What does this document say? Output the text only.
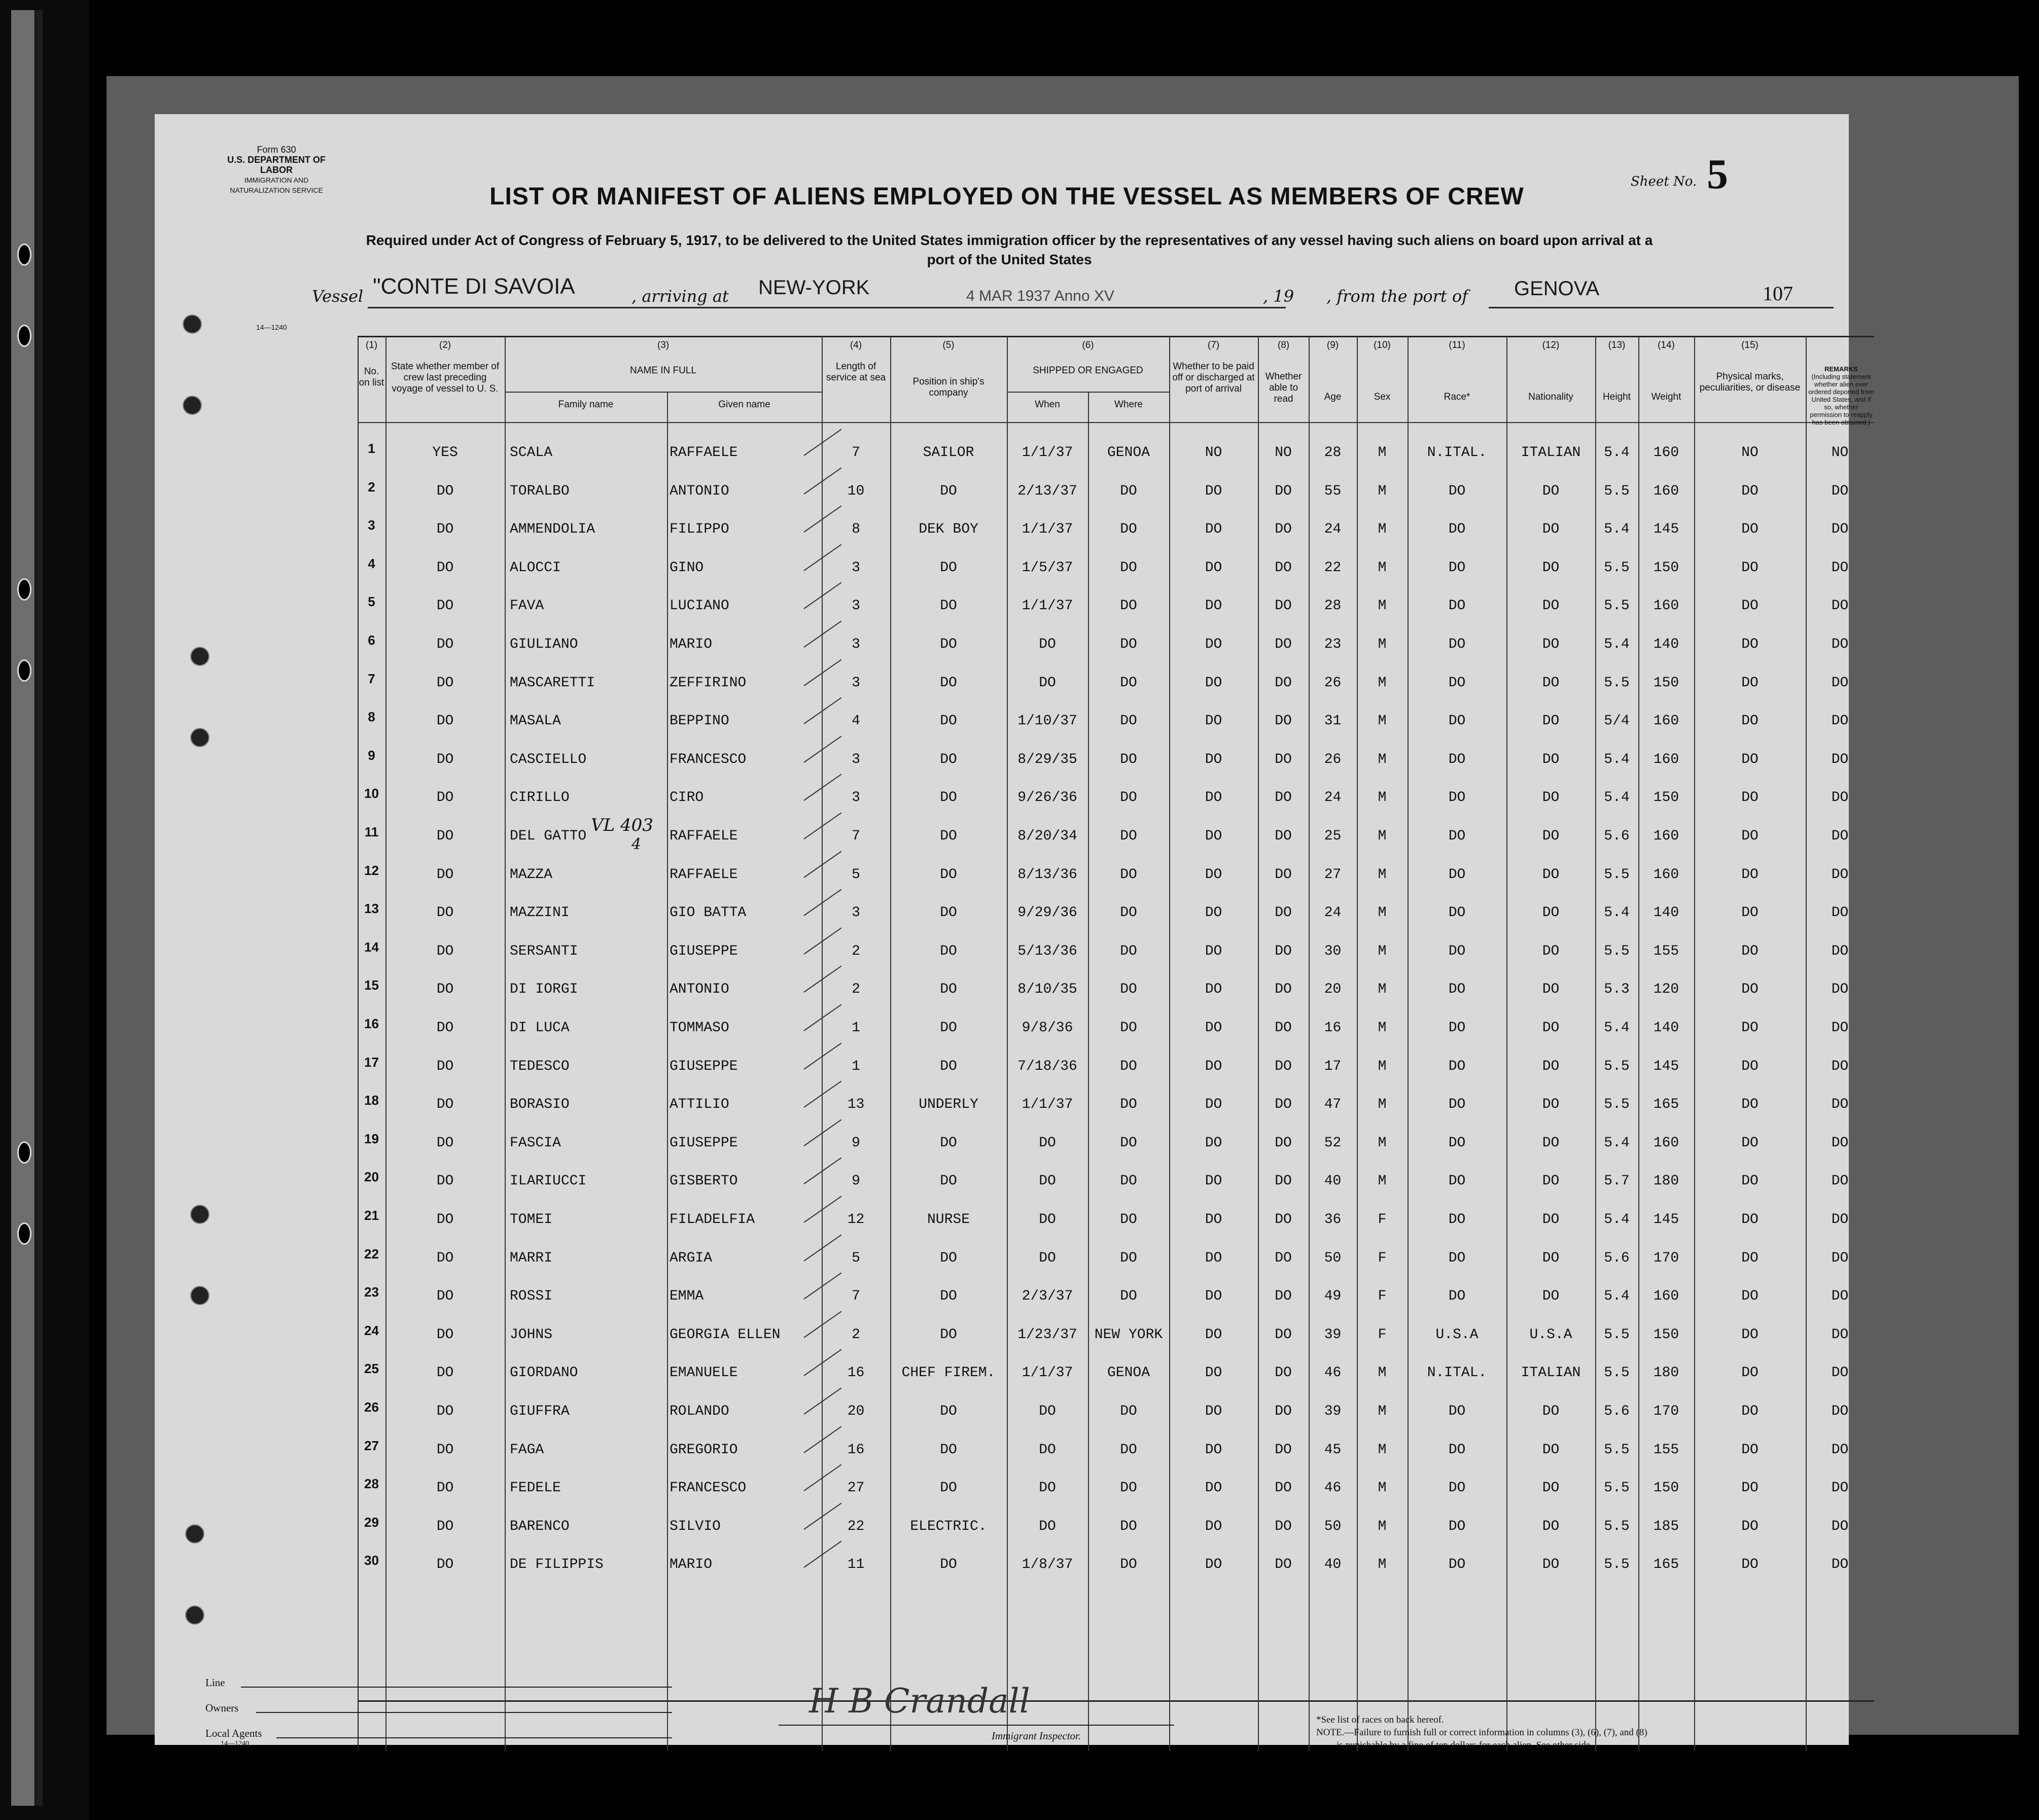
Form 630
U.S. DEPARTMENT OF LABOR
IMMIGRATION AND NATURALIZATION SERVICE
Sheet No. 5
LIST OR MANIFEST OF ALIENS EMPLOYED ON THE VESSEL AS MEMBERS OF CREW
Required under Act of Congress of February 5, 1917, to be delivered to the United States immigration officer by the representatives of any vessel having such aliens on board upon arrival at a
port of the United States
Vessel "CONTE DI SAVOIA	, arriving at NEW-YORK	4 MAR 1937 Anno XV	, 19 , from the port of GENOVA	107
14—1240
(1)
No. on list
(2)
State whether member of crew last preceding voyage of vessel to U. S.
(3)
NAME IN FULL
Family name	Given name
(4)
Length of service at sea
(5)
Position in ship's company
(6)
SHIPPED OR ENGAGED
When	Where
(7)
Whether to be paid off or discharged at port of arrival
(8)
Whether able to read
(9)
Age
(10)
Sex
(11)
Race*
(12)
Nationality
(13)
Height
(14)
Weight
(15)
Physical marks, peculiarities, or disease
REMARKS
(Including statement whether alien ever ordered deported from United States, and if so, whether permission to reapply has been obtained.)
1	YES	SCALA	RAFFAELE	7	SAILOR	1/1/37	GENOA	NO	NO	28	M	N.ITAL.	ITALIAN	5.4	160	NO	NO
2	DO	TORALBO	ANTONIO	10	DO	2/13/37	DO	DO	DO	55	M	DO	DO	5.5	160	DO	DO
3	DO	AMMENDOLIA	FILIPPO	8	DEK BOY	1/1/37	DO	DO	DO	24	M	DO	DO	5.4	145	DO	DO
4	DO	ALOCCI	GINO	3	DO	1/5/37	DO	DO	DO	22	M	DO	DO	5.5	150	DO	DO
5	DO	FAVA	LUCIANO	3	DO	1/1/37	DO	DO	DO	28	M	DO	DO	5.5	160	DO	DO
6	DO	GIULIANO	MARIO	3	DO	DO	DO	DO	DO	23	M	DO	DO	5.4	140	DO	DO
7	DO	MASCARETTI	ZEFFIRINO	3	DO	DO	DO	DO	DO	26	M	DO	DO	5.5	150	DO	DO
8	DO	MASALA	BEPPINO	4	DO	1/10/37	DO	DO	DO	31	M	DO	DO	5/4	160	DO	DO
9	DO	CASCIELLO	FRANCESCO	3	DO	8/29/35	DO	DO	DO	26	M	DO	DO	5.4	160	DO	DO
10	DO	CIRILLO	CIRO	3	DO	9/26/36	DO	DO	DO	24	M	DO	DO	5.4	150	DO	DO
11	DO	DEL GATTO	RAFFAELE	7	DO	8/20/34	DO	DO	DO	25	M	DO	DO	5.6	160	DO	DO
12	DO	MAZZA	RAFFAELE	5	DO	8/13/36	DO	DO	DO	27	M	DO	DO	5.5	160	DO	DO
13	DO	MAZZINI	GIO BATTA	3	DO	9/29/36	DO	DO	DO	24	M	DO	DO	5.4	140	DO	DO
14	DO	SERSANTI	GIUSEPPE	2	DO	5/13/36	DO	DO	DO	30	M	DO	DO	5.5	155	DO	DO
15	DO	DI IORGI	ANTONIO	2	DO	8/10/35	DO	DO	DO	20	M	DO	DO	5.3	120	DO	DO
16	DO	DI LUCA	TOMMASO	1	DO	9/8/36	DO	DO	DO	16	M	DO	DO	5.4	140	DO	DO
17	DO	TEDESCO	GIUSEPPE	1	DO	7/18/36	DO	DO	DO	17	M	DO	DO	5.5	145	DO	DO
18	DO	BORASIO	ATTILIO	13	UNDERLY	1/1/37	DO	DO	DO	47	M	DO	DO	5.5	165	DO	DO
19	DO	FASCIA	GIUSEPPE	9	DO	DO	DO	DO	DO	52	M	DO	DO	5.4	160	DO	DO
20	DO	ILARIUCCI	GISBERTO	9	DO	DO	DO	DO	DO	40	M	DO	DO	5.7	180	DO	DO
21	DO	TOMEI	FILADELFIA	12	NURSE	DO	DO	DO	DO	36	F	DO	DO	5.4	145	DO	DO
22	DO	MARRI	ARGIA	5	DO	DO	DO	DO	DO	50	F	DO	DO	5.6	170	DO	DO
23	DO	ROSSI	EMMA	7	DO	2/3/37	DO	DO	DO	49	F	DO	DO	5.4	160	DO	DO
24	DO	JOHNS	GEORGIA ELLEN	2	DO	1/23/37	NEW YORK	DO	DO	39	F	U.S.A	U.S.A	5.5	150	DO	DO
25	DO	GIORDANO	EMANUELE	16	CHEF FIREM.	1/1/37	GENOA	DO	DO	46	M	N.ITAL.	ITALIAN	5.5	180	DO	DO
26	DO	GIUFFRA	ROLANDO	20	DO	DO	DO	DO	DO	39	M	DO	DO	5.6	170	DO	DO
27	DO	FAGA	GREGORIO	16	DO	DO	DO	DO	DO	45	M	DO	DO	5.5	155	DO	DO
28	DO	FEDELE	FRANCESCO	27	DO	DO	DO	DO	DO	46	M	DO	DO	5.5	150	DO	DO
29	DO	BARENCO	SILVIO	22	ELECTRIC.	DO	DO	DO	DO	50	M	DO	DO	5.5	185	DO	DO
30	DO	DE FILIPPIS	MARIO	11	DO	1/8/37	DO	DO	DO	40	M	DO	DO	5.5	165	DO	DO
VL 403
4
Line
Owners
Local Agents
14—1240
H B Crandall
Immigrant Inspector.
*See list of races on back hereof.
NOTE.—Failure to furnish full or correct information in columns (3), (6), (7), and (8)
is punishable by a fine of ten dollars for each alien. See other side.
